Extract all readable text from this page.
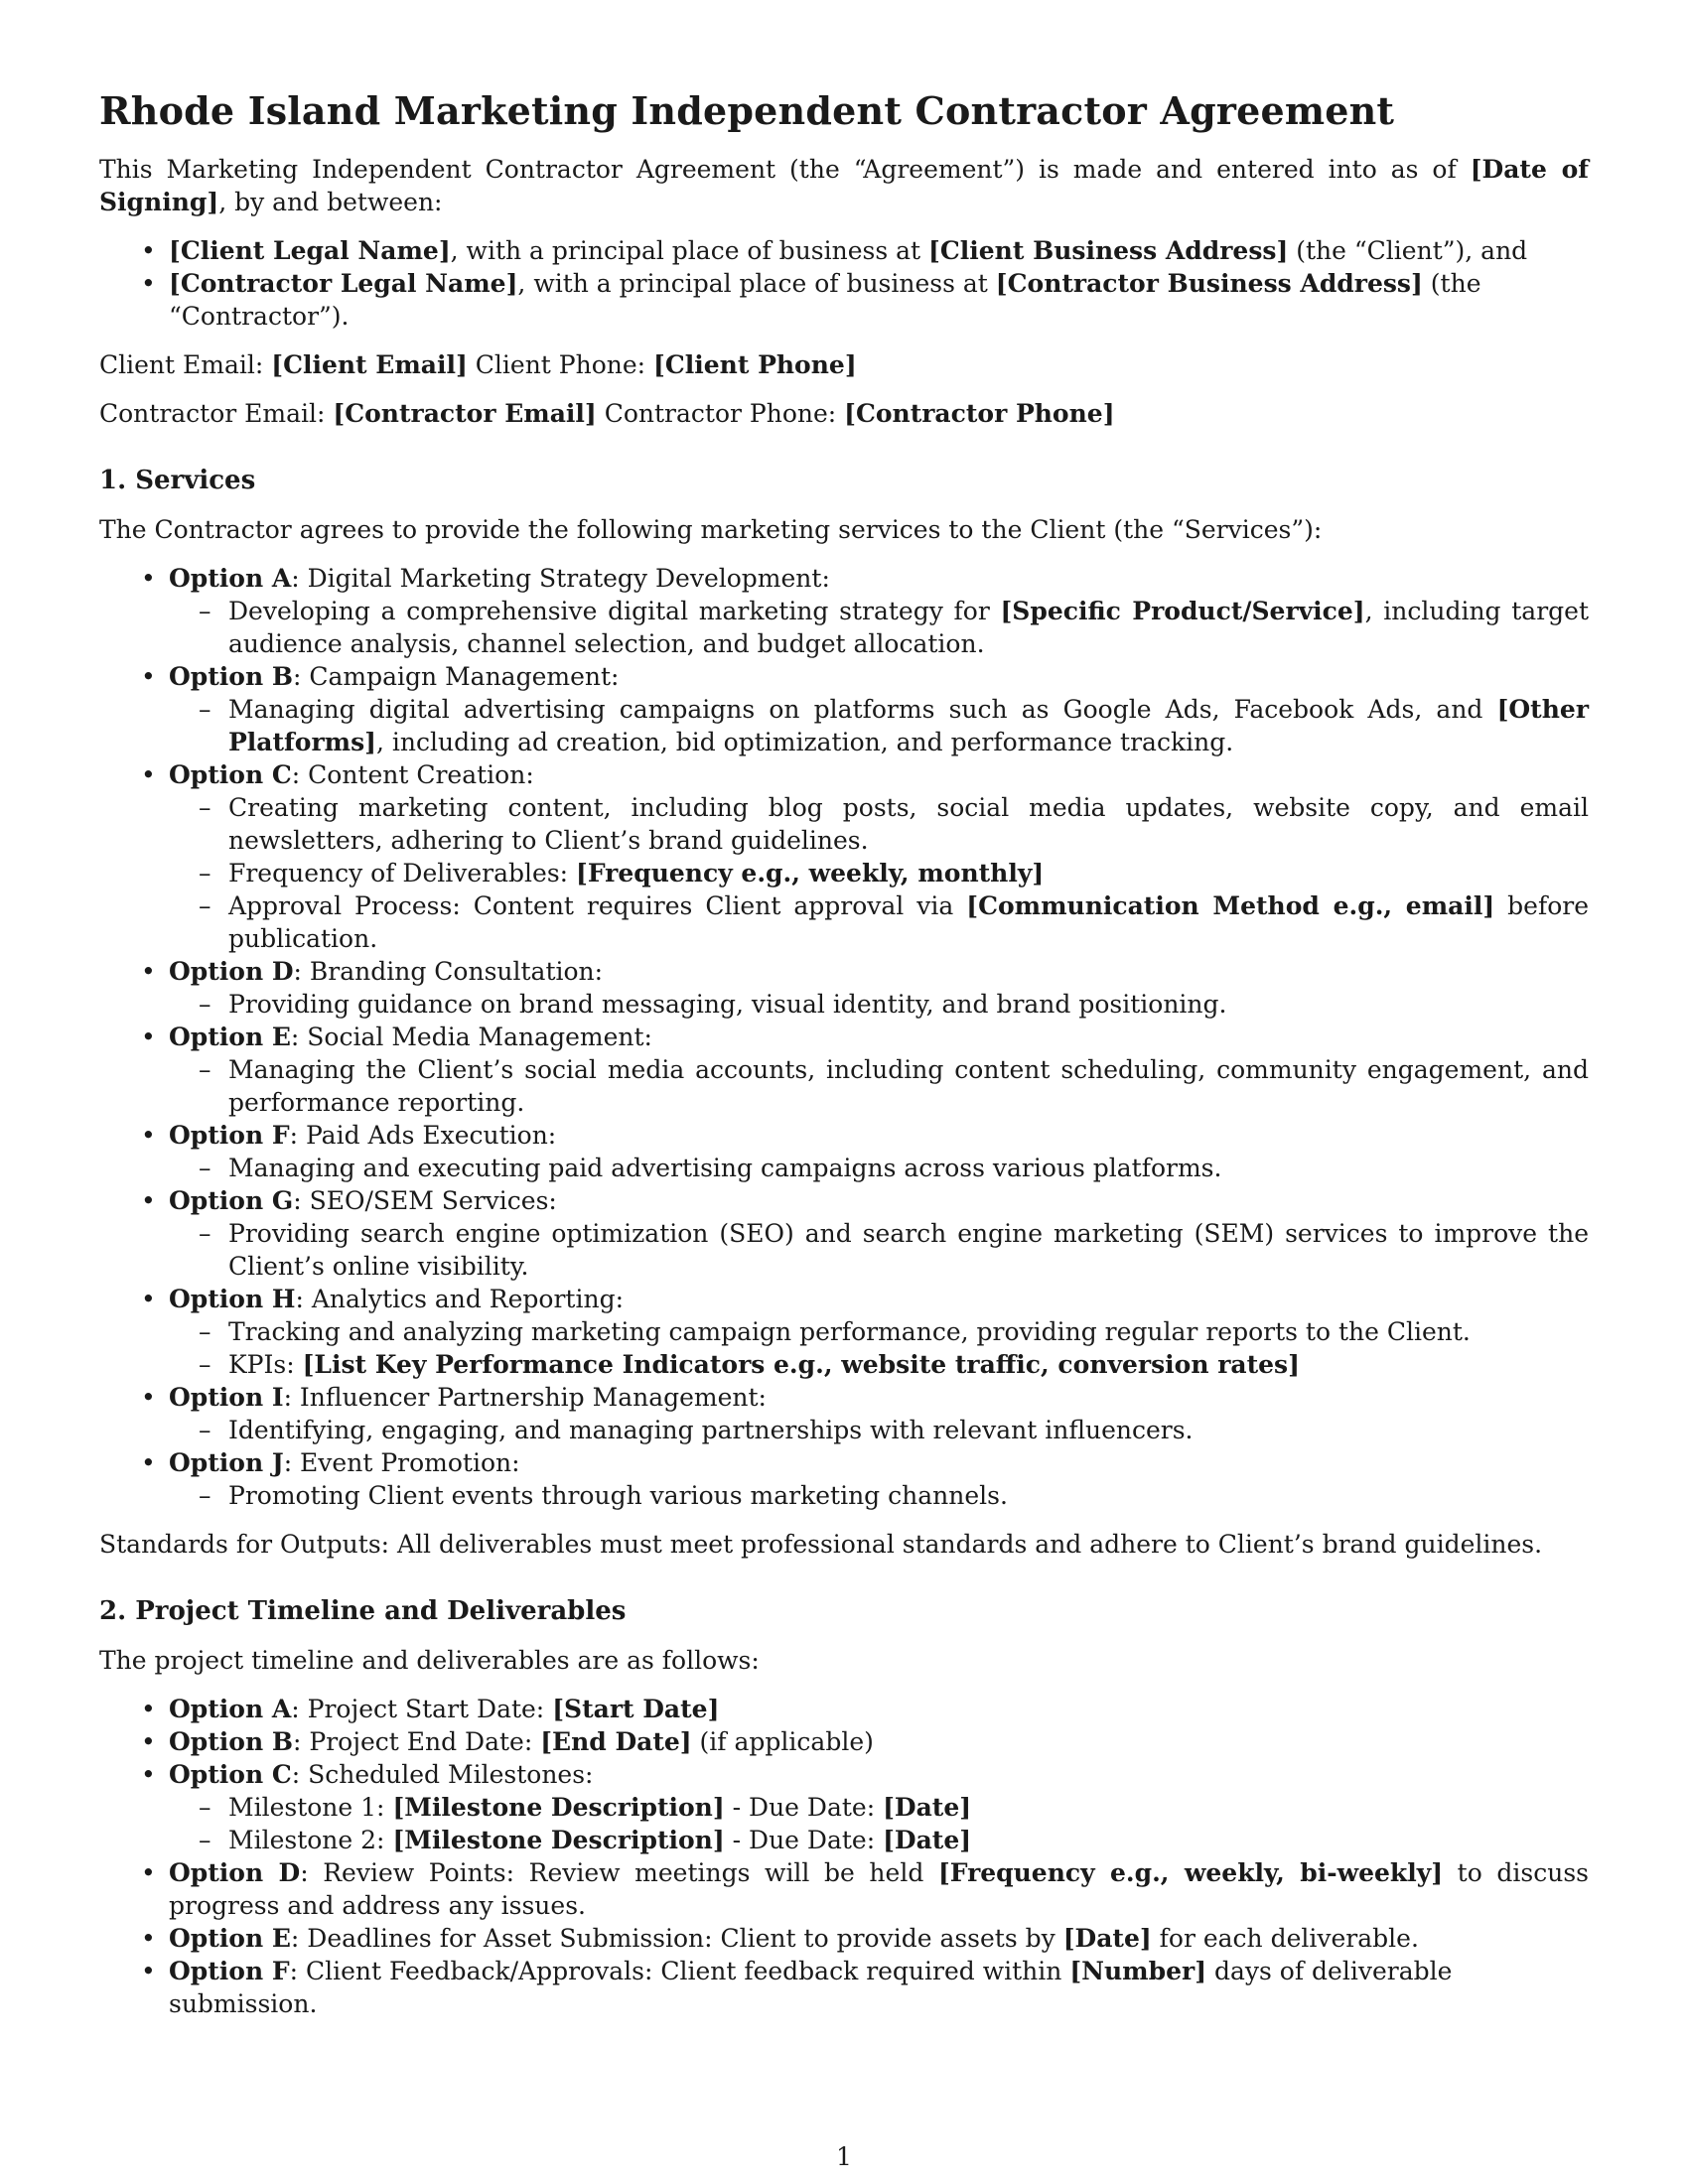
Rhode Island Marketing Independent Contractor Agreement

This Marketing Independent Contractor Agreement (the “Agreement”) is made and entered into as of [Date of Signing], by and between:

• [Client Legal Name], with a principal place of business at [Client Business Address] (the “Client”), and
• [Contractor Legal Name], with a principal place of business at [Contractor Business Address] (the “Contractor”).

Client Email: [Client Email] Client Phone: [Client Phone]

Contractor Email: [Contractor Email] Contractor Phone: [Contractor Phone]

1. Services

The Contractor agrees to provide the following marketing services to the Client (the “Services”):

• Option A: Digital Marketing Strategy Development:
– Developing a comprehensive digital marketing strategy for [Specific Product/Service], including target audience analysis, channel selection, and budget allocation.
• Option B: Campaign Management:
– Managing digital advertising campaigns on platforms such as Google Ads, Facebook Ads, and [Other Platforms], including ad creation, bid optimization, and performance tracking.
• Option C: Content Creation:
– Creating marketing content, including blog posts, social media updates, website copy, and email newsletters, adhering to Client’s brand guidelines.
– Frequency of Deliverables: [Frequency e.g., weekly, monthly]
– Approval Process: Content requires Client approval via [Communication Method e.g., email] before publication.
• Option D: Branding Consultation:
– Providing guidance on brand messaging, visual identity, and brand positioning.
• Option E: Social Media Management:
– Managing the Client’s social media accounts, including content scheduling, community engagement, and performance reporting.
• Option F: Paid Ads Execution:
– Managing and executing paid advertising campaigns across various platforms.
• Option G: SEO/SEM Services:
– Providing search engine optimization (SEO) and search engine marketing (SEM) services to improve the Client’s online visibility.
• Option H: Analytics and Reporting:
– Tracking and analyzing marketing campaign performance, providing regular reports to the Client.
– KPIs: [List Key Performance Indicators e.g., website traffic, conversion rates]
• Option I: Influencer Partnership Management:
– Identifying, engaging, and managing partnerships with relevant influencers.
• Option J: Event Promotion:
– Promoting Client events through various marketing channels.

Standards for Outputs: All deliverables must meet professional standards and adhere to Client’s brand guidelines.

2. Project Timeline and Deliverables

The project timeline and deliverables are as follows:

• Option A: Project Start Date: [Start Date]
• Option B: Project End Date: [End Date] (if applicable)
• Option C: Scheduled Milestones:
– Milestone 1: [Milestone Description] - Due Date: [Date]
– Milestone 2: [Milestone Description] - Due Date: [Date]
• Option D: Review Points: Review meetings will be held [Frequency e.g., weekly, bi-weekly] to discuss progress and address any issues.
• Option E: Deadlines for Asset Submission: Client to provide assets by [Date] for each deliverable.
• Option F: Client Feedback/Approvals: Client feedback required within [Number] days of deliverable submission.
1
